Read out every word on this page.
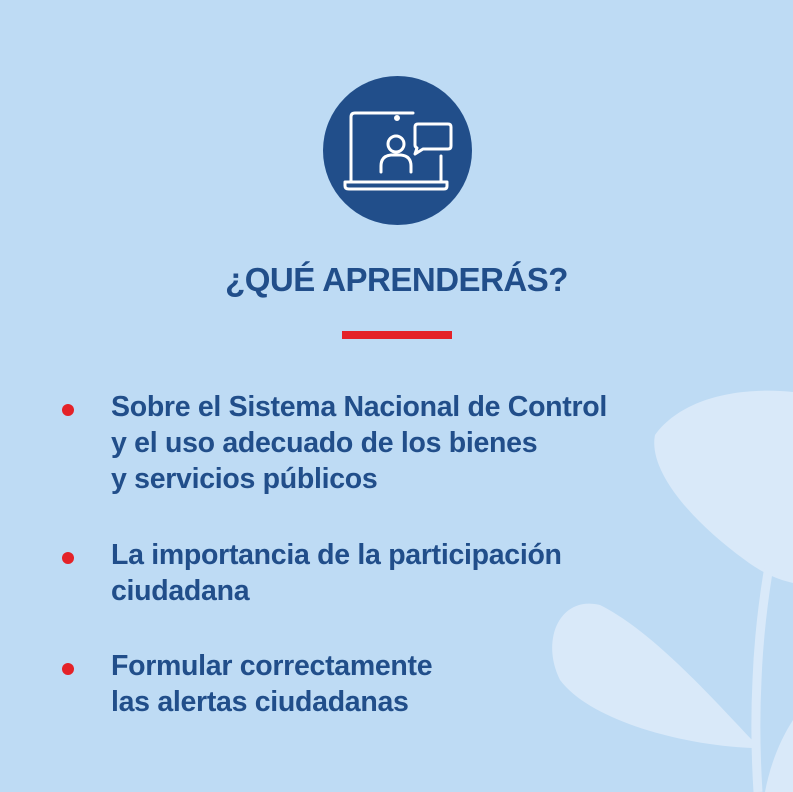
¿QUÉ APRENDERÁS?
Sobre el Sistema Nacional de Control
y el uso adecuado de los bienes
y servicios públicos
La importancia de la participación
ciudadana
Formular correctamente
las alertas ciudadanas
